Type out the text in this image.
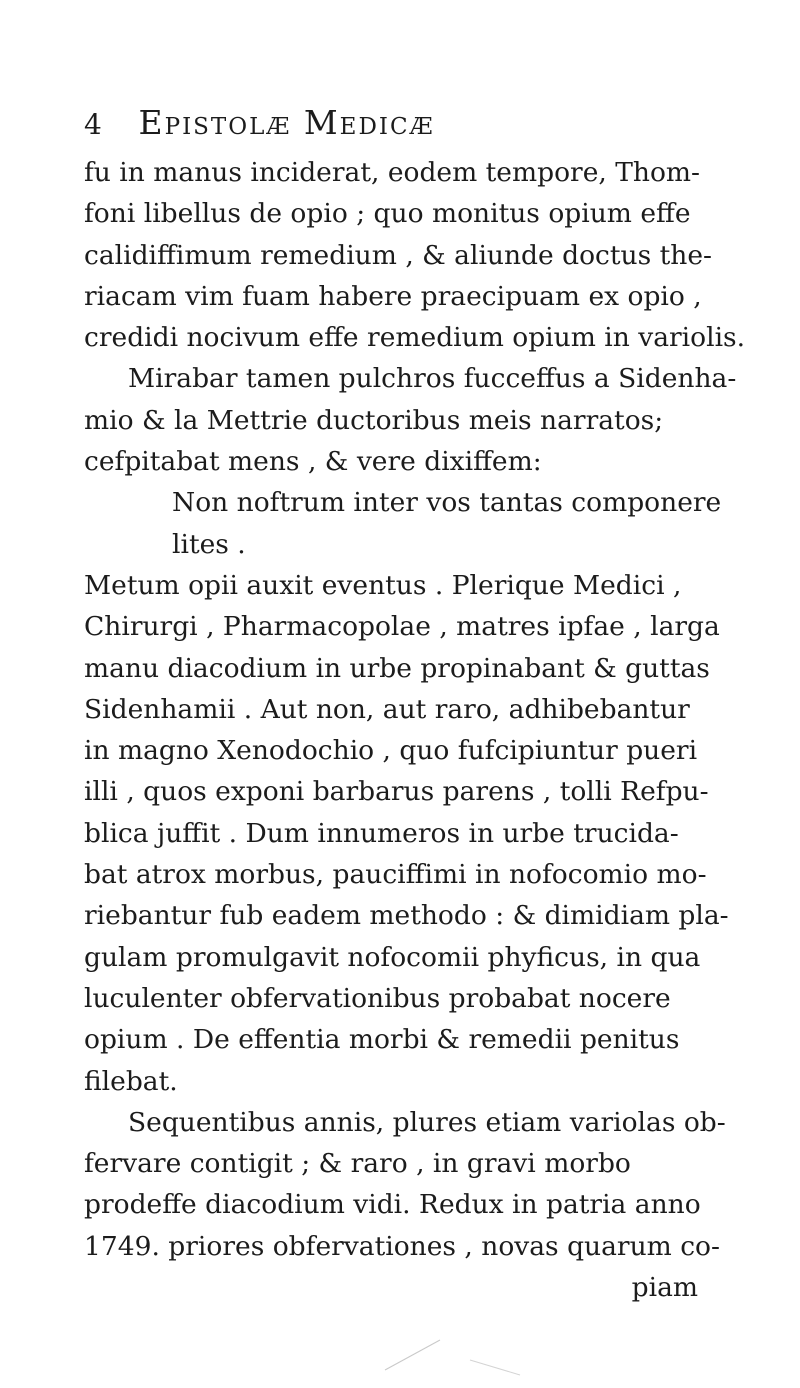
4 Epistolæ Medicæ
fu in manus inciderat, eodem tempore, Thom-
foni libellus de opio ; quo monitus opium effe
calidiffimum remedium , & aliunde doctus the-
riacam vim fuam habere praecipuam ex opio ,
credidi nocivum effe remedium opium in variolis.
Mirabar tamen pulchros fucceffus a Sidenha-
mio & la Mettrie ductoribus meis narratos;
cefpitabat mens , & vere dixiffem:
Non noftrum inter vos tantas componere
lites .
Metum opii auxit eventus . Plerique Medici ,
Chirurgi , Pharmacopolae , matres ipfae , larga
manu diacodium in urbe propinabant & guttas
Sidenhamii . Aut non, aut raro, adhibebantur
in magno Xenodochio , quo fufcipiuntur pueri
illi , quos exponi barbarus parens , tolli Refpu-
blica juffit . Dum innumeros in urbe trucida-
bat atrox morbus, pauciffimi in nofocomio mo-
riebantur fub eadem methodo : & dimidiam pla-
gulam promulgavit nofocomii phyficus, in qua
luculenter obfervationibus probabat nocere
opium . De effentia morbi & remedii penitus
filebat.
Sequentibus annis, plures etiam variolas ob-
fervare contigit ; & raro , in gravi morbo
prodeffe diacodium vidi. Redux in patria anno
1749. priores obfervationes , novas quarum co-
piam
